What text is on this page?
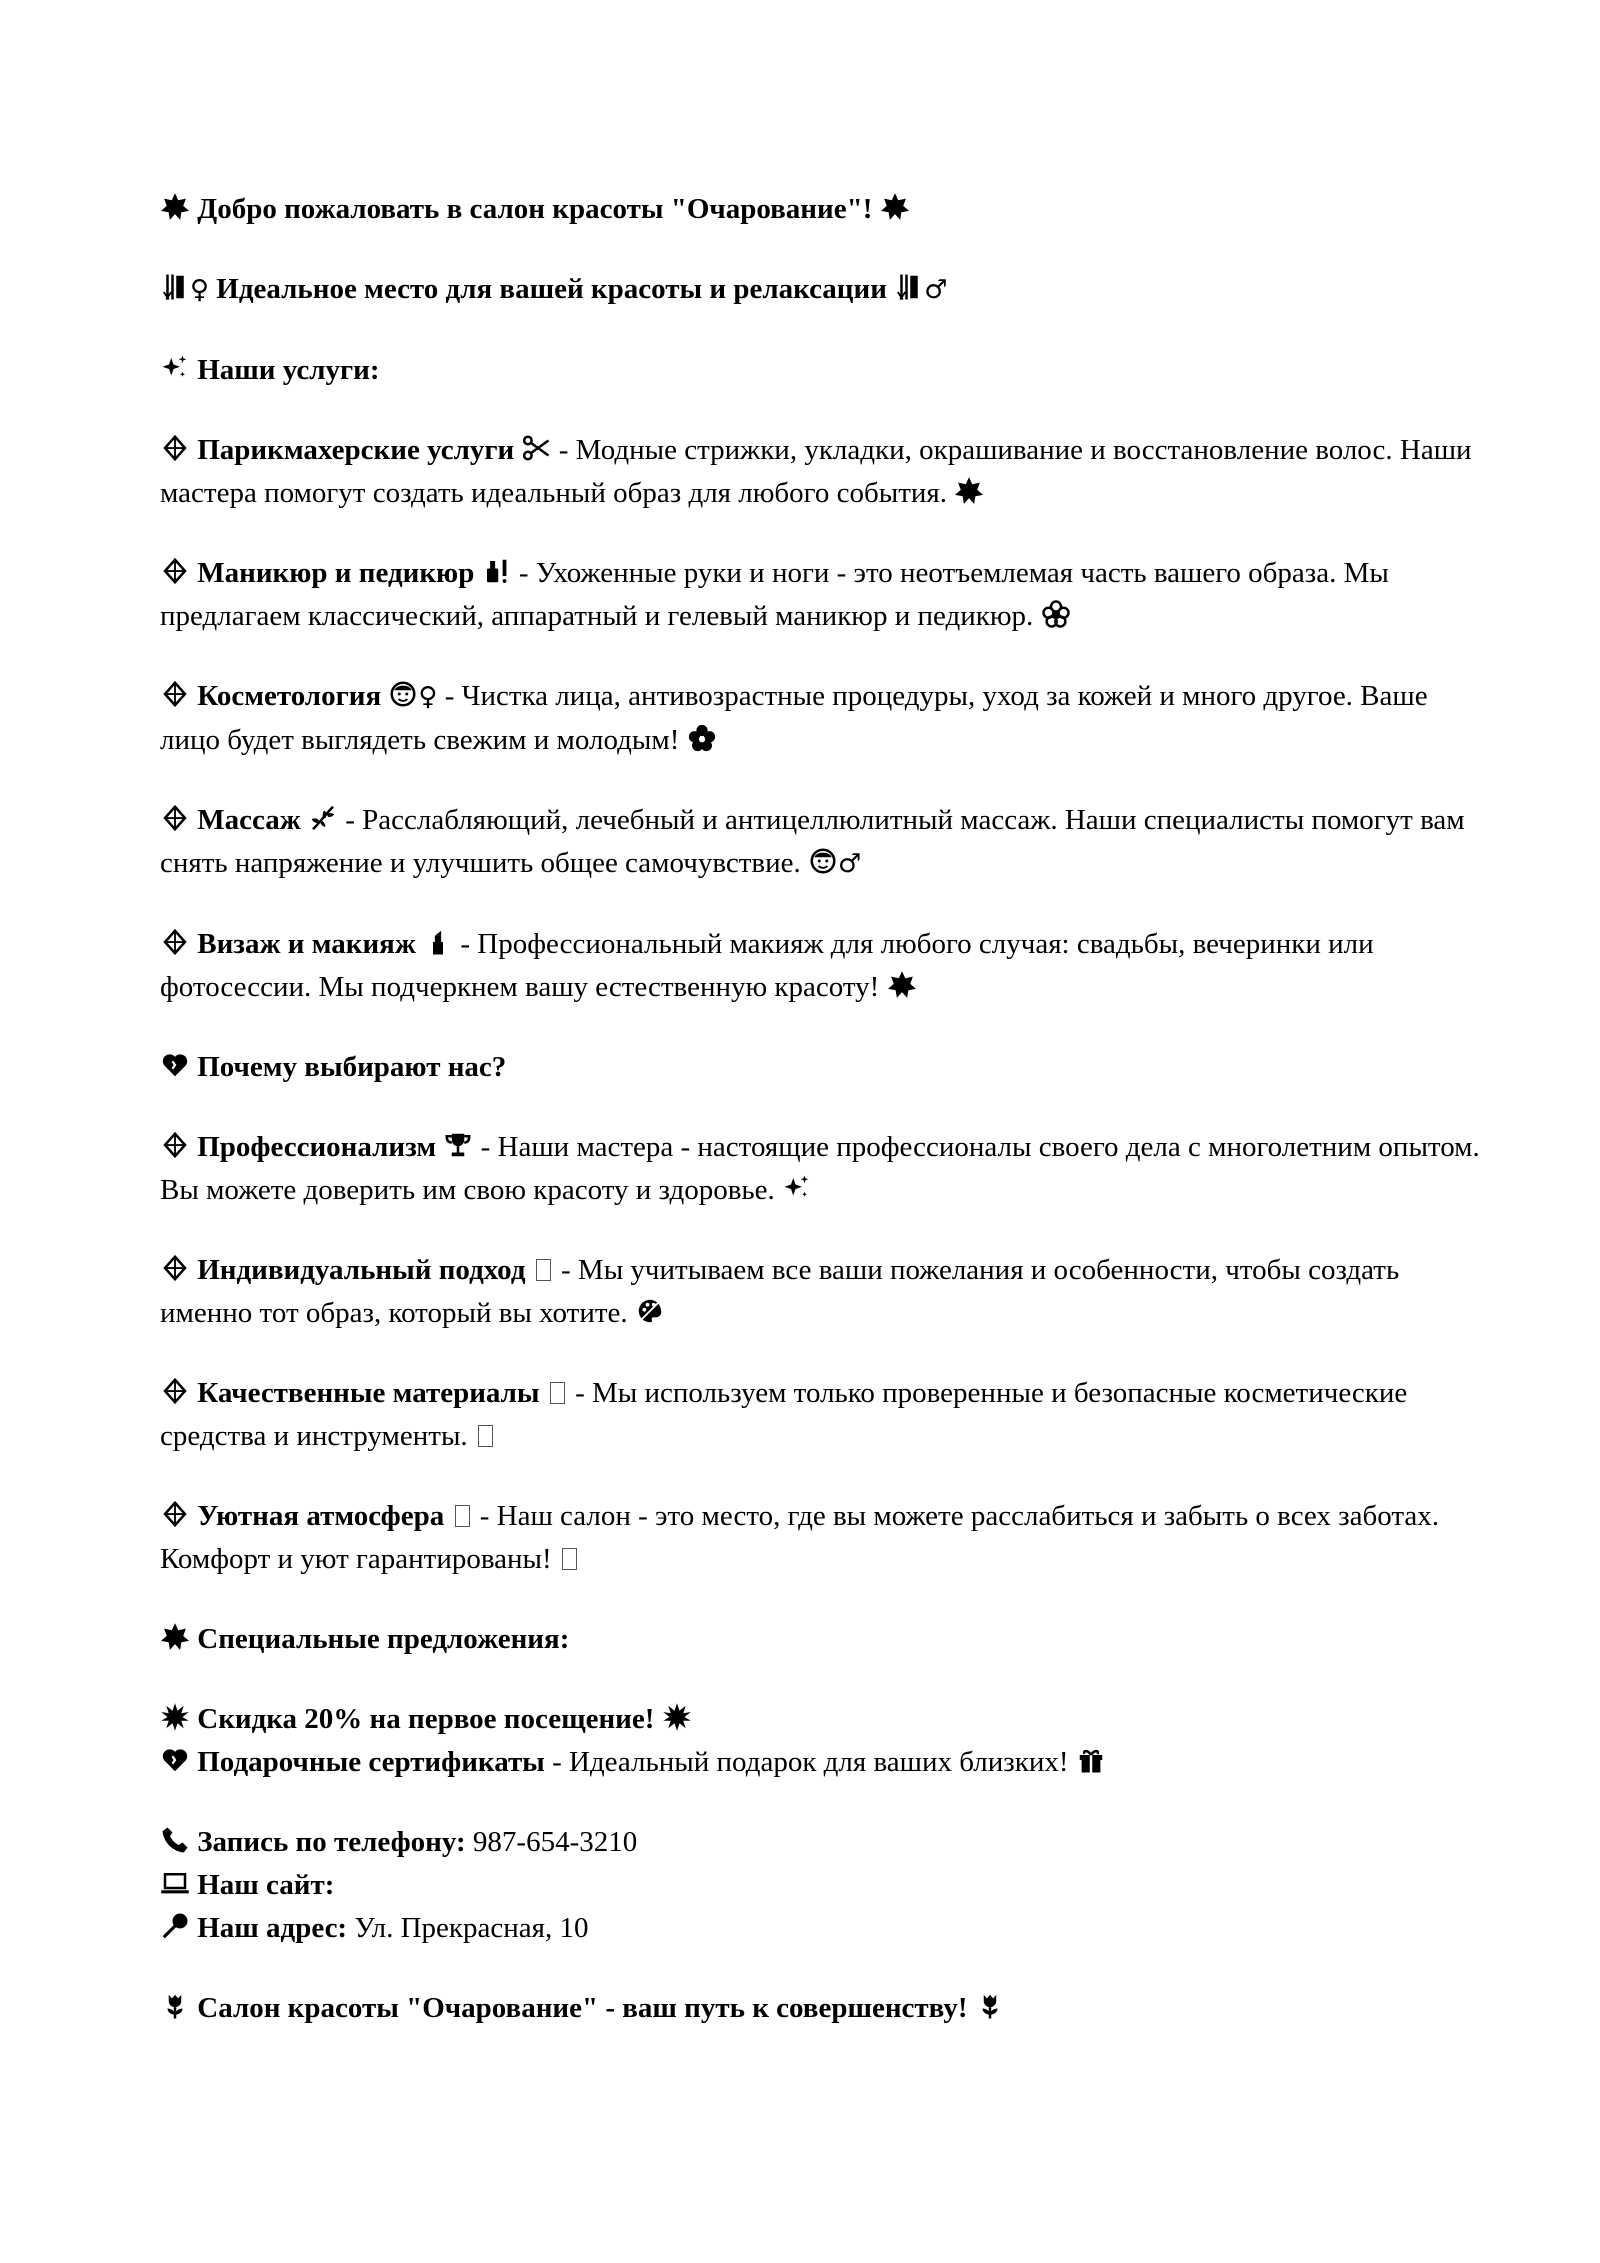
Добро пожаловать в салон красоты "Очарование"!

♀ Идеальное место для вашей красоты и релаксации ♂

Наши услуги:

Парикмахерские услуги
- Модные стрижки, укладки, окрашивание и восстановление волос. Наши мастера помогут создать идеальный образ для любого события.

Маникюр и педикюр
- Ухоженные руки и ноги - это неотъемлемая часть вашего образа. Мы предлагаем классический, аппаратный и гелевый маникюр и педикюр.

Косметология ♀ - Чистка лица, антивозрастные процедуры, уход за кожей и много другое. Ваше лицо будет выглядеть свежим и молодым!

Массаж
- Расслабляющий, лечебный и антицеллюлитный массаж. Наши специалисты помогут вам снять напряжение и улучшить общее самочувствие. ♂

Визаж и макияж
- Профессиональный макияж для любого случая: свадьбы, вечеринки или фотосессии. Мы подчеркнем вашу естественную красоту!

Почему выбирают нас?

Профессионализм
- Наши мастера - настоящие профессионалы своего дела с многолетним опытом. Вы можете доверить им свою красоту и здоровье.

Индивидуальный подход  - Мы учитываем все ваши пожелания и особенности, чтобы создать именно тот образ, который вы хотите.

Качественные материалы  - Мы используем только проверенные и безопасные косметические средства и инструменты.

Уютная атмосфера  - Наш салон - это место, где вы можете расслабиться и забыть о всех заботах. Комфорт и уют гарантированы!

Специальные предложения:

Скидка 20% на первое посещение!

Подарочные сертификаты - Идеальный подарок для ваших близких!

Запись по телефону: 987-654-3210

Наш сайт:

Наш адрес: Ул. Прекрасная, 10

Салон красоты "Очарование" - ваш путь к совершенству!
